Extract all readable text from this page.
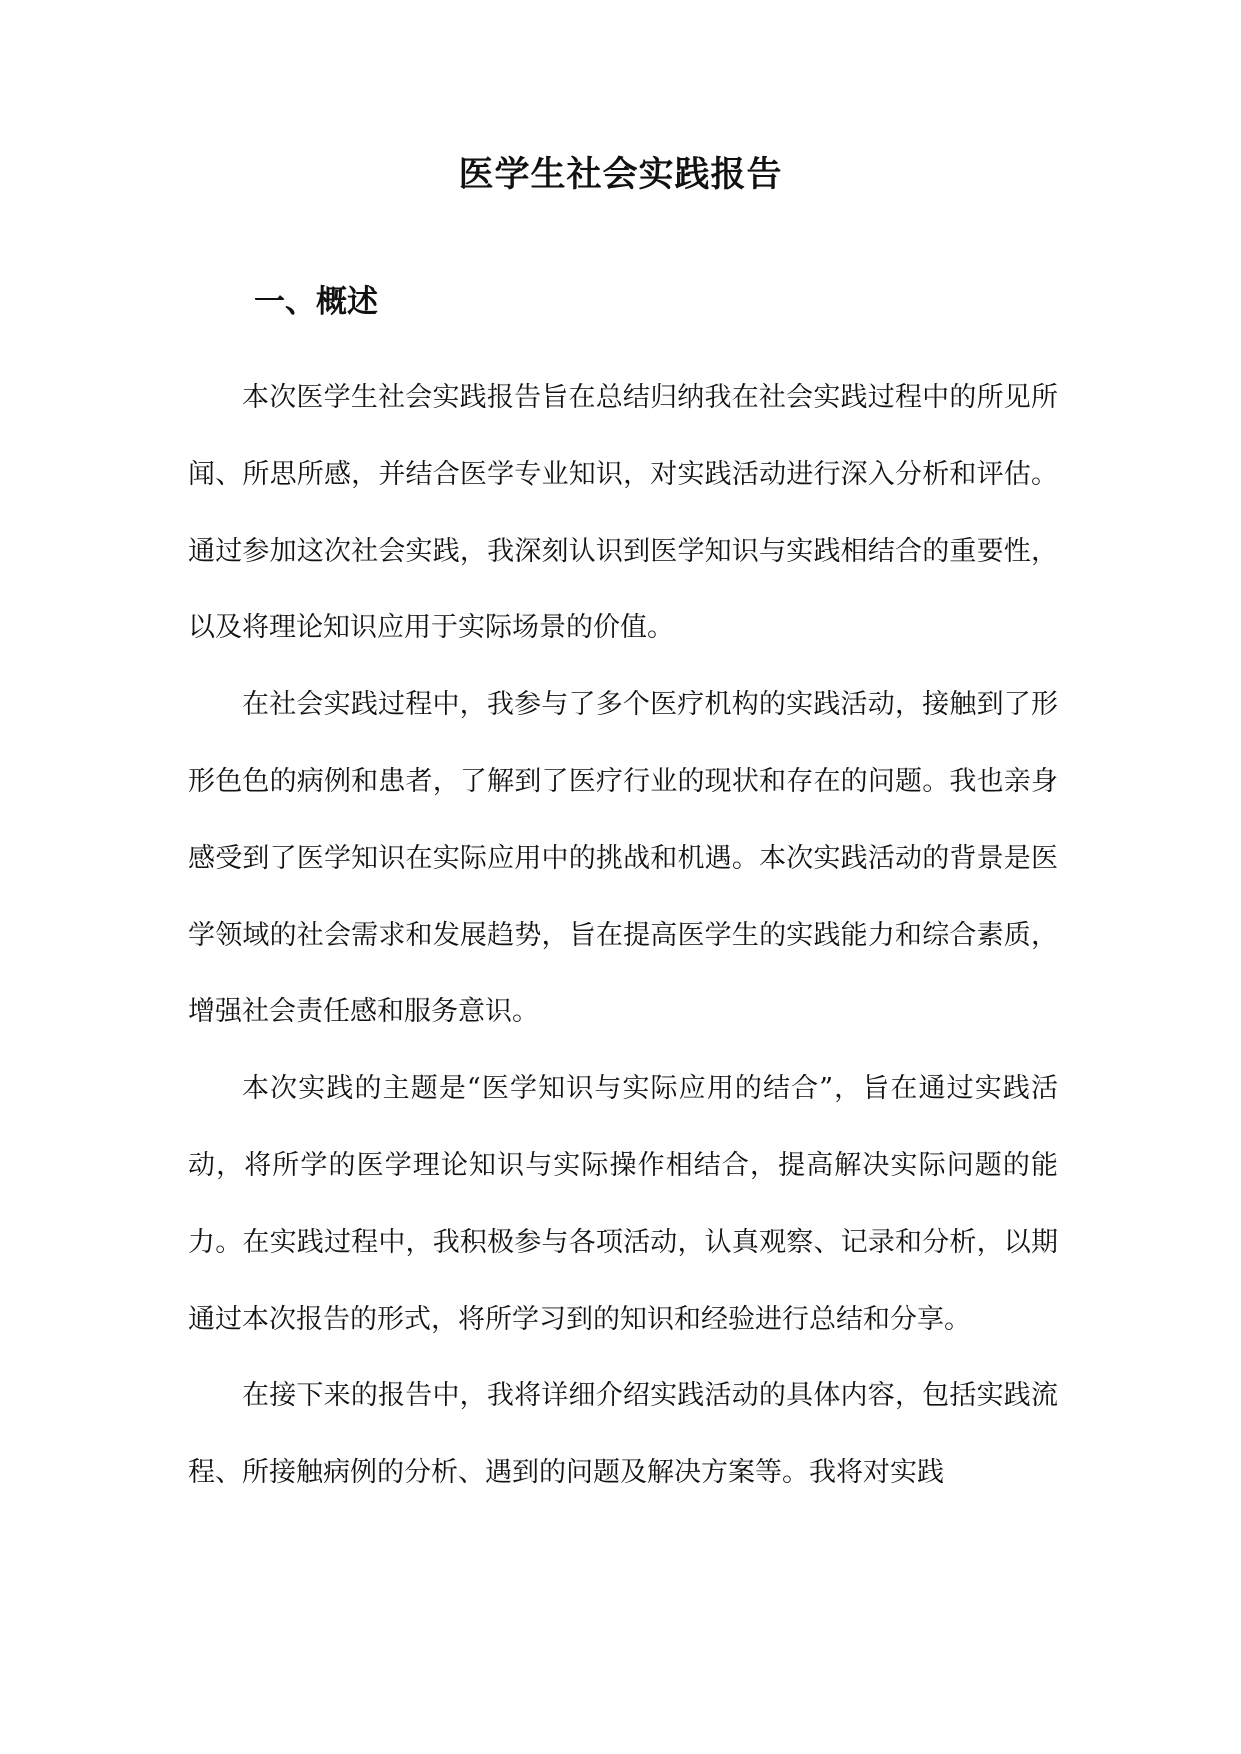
医学生社会实践报告
一、概述

本次医学生社会实践报告旨在总结归纳我在社会实践过程中的所见所闻、所思所感，并结合医学专业知识，对实践活动进行深入分析和评估。通过参加这次社会实践，我深刻认识到医学知识与实践相结合的重要性，以及将理论知识应用于实际场景的价值。

在社会实践过程中，我参与了多个医疗机构的实践活动，接触到了形形色色的病例和患者，了解到了医疗行业的现状和存在的问题。我也亲身感受到了医学知识在实际应用中的挑战和机遇。本次实践活动的背景是医学领域的社会需求和发展趋势，旨在提高医学生的实践能力和综合素质，增强社会责任感和服务意识。

本次实践的主题是“医学知识与实际应用的结合”，旨在通过实践活动，将所学的医学理论知识与实际操作相结合，提高解决实际问题的能力。在实践过程中，我积极参与各项活动，认真观察、记录和分析，以期通过本次报告的形式，将所学习到的知识和经验进行总结和分享。

在接下来的报告中，我将详细介绍实践活动的具体内容，包括实践流程、所接触病例的分析、遇到的问题及解决方案等。我将对实践
